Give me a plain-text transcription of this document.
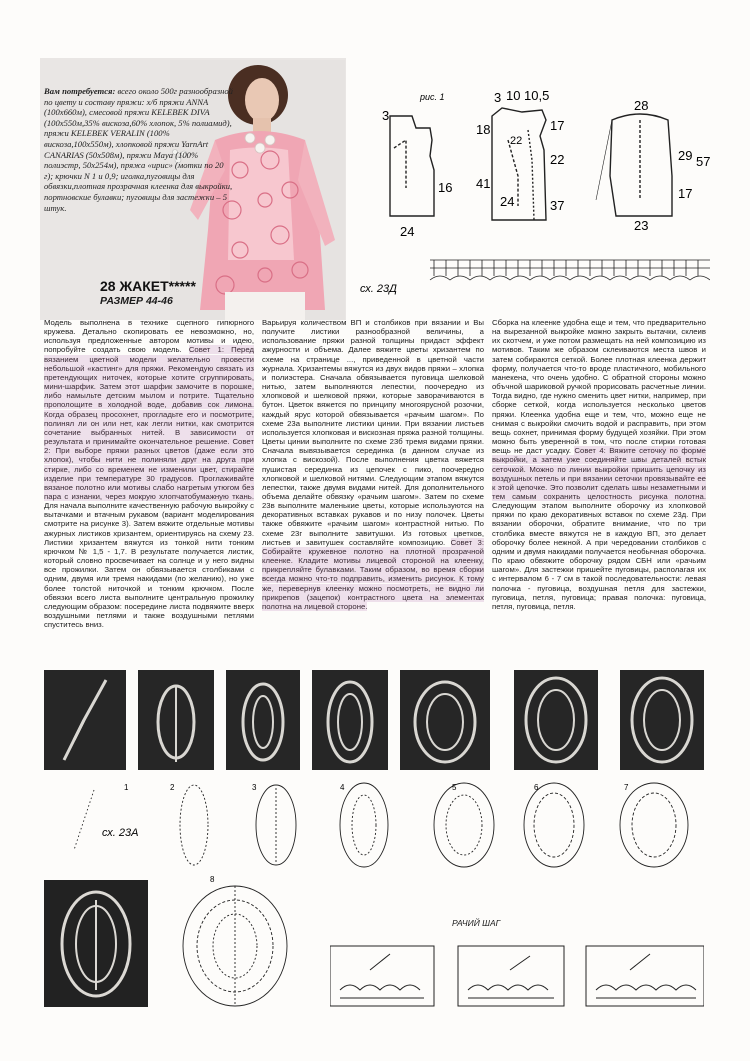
Вам потребуется: всего около 500г разнообразной по цвету и составу пряжи: х/б пряжи ANNA (100х660м), смесовой пряжи KELEBEK DIVA (100х550м,35% вискоза,60% хлопок, 5% полиамид), пряжи KELEBEK VERALIN (100% вискоза,100х550м), хлопковой пряжи YarnArt CANARIAS (50х508м), пряжи Maya (100% полиэстр, 50х254м), пряжа «ирис» (мотки по 20 г); крючки N 1 и 0,9; иголка,пуговицы для обвязки,плотная прозрачная клеенка для выкройки, портновские булавки; пуговицы для застежки – 5 штук.
28 ЖАКЕТ*****
РАЗМЕР 44-46
рис. 1
3
16
24
3 10 10,5
18
22
17
22
41
24	37
28
29 57
17
23
сх. 23Д

Модель выполнена в технике сцепного гипюрного кружева. Детально скопировать ее невозможно, но, используя предложенные автором мотивы и идею, попробуйте создать свою модель. Совет 1: Перед вязанием цветной модели желательно провести небольшой «кастинг» для пряжи. Рекомендую связать из претендующих ниточек, которые хотите сгруппировать, мини-шарфик. Затем этот шарфик замочите в порошке, либо намыльте детским мылом и потрите. Тщательно прополощите в холодной воде, добавив сок лимона. Когда образец просохнет, прогладьте его и посмотрите, полинял ли он или нет, как легли нитки, как смотрится сочетание выбранных нитей. В зависимости от результата и принимайте окончательное решение. Совет 2: При выборе пряжи разных цветов (даже если это хлопок), чтобы нити не полиняли друг на друга при стирке, либо со временем не изменили цвет, стирайте изделие при температуре 30 градусов. Проглаживайте вязаное полотно или мотивы слабо нагретым утюгом без пара с изнанки, через мокрую хлопчатобумажную ткань. Для начала выполните качественную рабочую выкройку с вытачками и втачным рукавом (вариант моделирования смотрите на рисунке 3). Затем вяжите отдельные мотивы ажурных листиков хризантем, ориентируясь на схему 23. Листики хризантем вяжутся из тонкой нити тонким крючком № 1,5 - 1,7. В результате получается листик, который словно просвечивает на солнце и у него видны все прожилки. Затем он обвязывается столбиками с одним, двумя или тремя накидами (по желанию), но уже более толстой ниточкой и тонким крючком. После обвязки всего листа выполните центральную прожилку следующим образом: посередине листа подвяжите вверх воздушными петлями и также воздушными петлями спуститесь вниз.

Варьируя количеством ВП и столбиков при вязании и Вы получите листики разнообразной величины, а использование пряжи разной толщины придаст эффект ажурности и объема. Далее вяжите цветы хризантем по схеме на странице ..., приведенной в цветной части журнала. Хризантемы вяжутся из двух видов пряжи – хлопка и полиэстера. Сначала обвязывается пуговица шелковой нитью, затем выполняются лепестки, поочередно из хлопковой и шелковой пряжи, которые заворачиваются в бутон. Цветок вяжется по принципу многоярусной розочки, каждый ярус которой обвязывается «рачьим шагом». По схеме 23а выполните листики цинии. При вязании листьев используется хлопковая и вискозная пряжа разной толщины. Цветы цинии выполните по схеме 23б тремя видами пряжи. Сначала вывязывается серединка (в данном случае из хлопка с вискозой). После выполнения цветка вяжется пушистая серединка из цепочек с пико, поочередно хлопковой и шелковой нитями. Следующим этапом вяжутся лепестки, также двумя видами нитей. Для дополнительного объема делайте обвязку «рачьим шагом». Затем по схеме 23в выполните маленькие цветы, которые используются на декоративных вставках рукавов и по низу полочек. Цветы также обвяжите «рачьим шагом» контрастной нитью. По схеме 23г выполните завитушки. Из готовых цветков, листьев и завитушек составляйте композицию. Совет 3: Собирайте кружевное полотно на плотной прозрачной клеенке. Кладите мотивы лицевой стороной на клеенку, прикрепляйте булавками. Таким образом, во время сборки всегда можно что-то подправить, изменить рисунок. К тому же, перевернув клеенку можно посмотреть, не видно ли прикрепов (зацепок) контрастного цвета на элементах полотна на лицевой стороне.

Сборка на клеенке удобна еще и тем, что предварительно на вырезанной выкройке можно закрыть вытачки, склеив их скотчем, и уже потом размещать на ней композицию из мотивов. Таким же образом склеиваются места швов и затем собираются сеткой. Более плотная клеенка держит форму, получается что-то вроде пластичного, мобильного манекена, что очень удобно. С обратной стороны можно объчной шариковой ручкой прорисовать расчетные линии. Тогда видно, где нужно сменить цвет нитки, например, при сборке сеткой, когда используется несколько цветов пряжи. Клеенка удобна еще и тем, что, можно еще не снимая с выкройки смочить водой и расправить, при этом вещь сохнет, принимая форму будущей хозяйки. При этом можно быть уверенной в том, что после стирки готовая вещь не даст усадку. Совет 4: Вяжите сеточку по форме выкройки, а затем уже соединяйте швы деталей встык сеточкой. Можно по линии выкройки пришить цепочку из воздушных петель и при вязании сеточки провязывайте ее к этой цепочке. Это позволит сделать швы незаметными и тем самым сохранить целостность рисунка полотна. Следующим этапом выполните оборочку из хлопковой пряжи по краю декоративных вставок по схеме 23д. При вязании оборочки, обратите внимание, что по три столбика вместе вяжутся не в каждую ВП, это делает оборочку более нежной. А при чередовании столбиков с одним и двумя накидами получается необычная оборочка. По краю обвяжите оборочку рядом СБН или «рачьим шагом». Для застежки пришейте пуговицы, располагая их с интервалом 6 - 7 см в такой последовательности: левая полочка - пуговица, воздушная петля для застежки, пуговица, петля, пуговица; правая полочка: пуговица, петля, пуговица, петля.

1	2	3	4	5	6	7
сх. 23А
8
РАЧИЙ ШАГ
